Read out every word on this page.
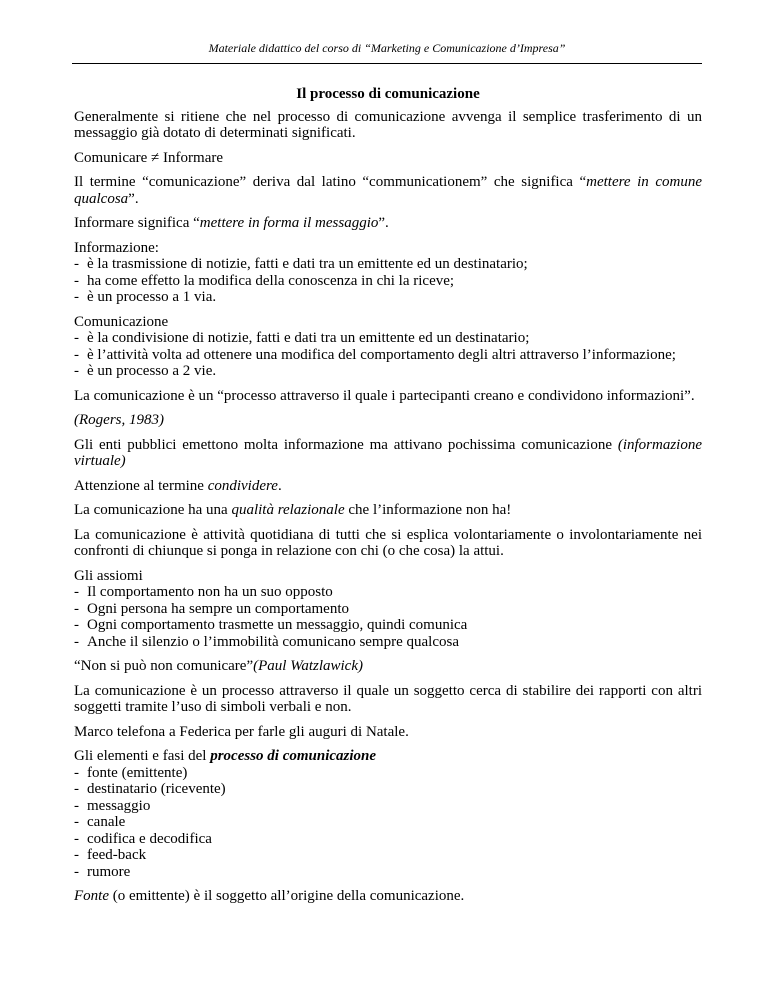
Materiale didattico del corso di “Marketing e Comunicazione d’Impresa”

Il processo di comunicazione

Generalmente si ritiene che nel processo di comunicazione avvenga il semplice trasferimento di un messaggio già dotato di determinati significati.

Comunicare ≠ Informare

Il termine “comunicazione” deriva dal latino “communicationem” che significa “mettere in comune qualcosa”.

Informare significa “mettere in forma il messaggio”.

Informazione:
- è la trasmissione di notizie, fatti e dati tra un emittente ed un destinatario;
- ha come effetto la modifica della conoscenza in chi la riceve;
- è un processo a 1 via.
Comunicazione
- è la condivisione di notizie, fatti e dati tra un emittente ed un destinatario;
- è l’attività volta ad ottenere una modifica del comportamento degli altri attraverso l’informazione;
- è un processo a 2 vie.

La comunicazione è un “processo attraverso il quale i partecipanti creano e condividono informazioni”.

(Rogers, 1983)

Gli enti pubblici emettono molta informazione ma attivano pochissima comunicazione (informazione virtuale)

Attenzione al termine condividere.

La comunicazione ha una qualità relazionale che l’informazione non ha!

La comunicazione è attività quotidiana di tutti che si esplica volontariamente o involontariamente nei confronti di chiunque si ponga in relazione con chi (o che cosa) la attui.

Gli assiomi
- Il comportamento non ha un suo opposto
- Ogni persona ha sempre un comportamento
- Ogni comportamento trasmette un messaggio, quindi comunica
- Anche il silenzio o l’immobilità comunicano sempre qualcosa

“Non si può non comunicare”(Paul Watzlawick)

La comunicazione è un processo attraverso il quale un soggetto cerca di stabilire dei rapporti con altri soggetti tramite l’uso di simboli verbali e non.

Marco telefona a Federica per farle gli auguri di Natale.

Gli elementi e fasi del processo di comunicazione
- fonte (emittente)
- destinatario (ricevente)
- messaggio
- canale
- codifica e decodifica
- feed-back
- rumore

Fonte (o emittente) è il soggetto all’origine della comunicazione.
